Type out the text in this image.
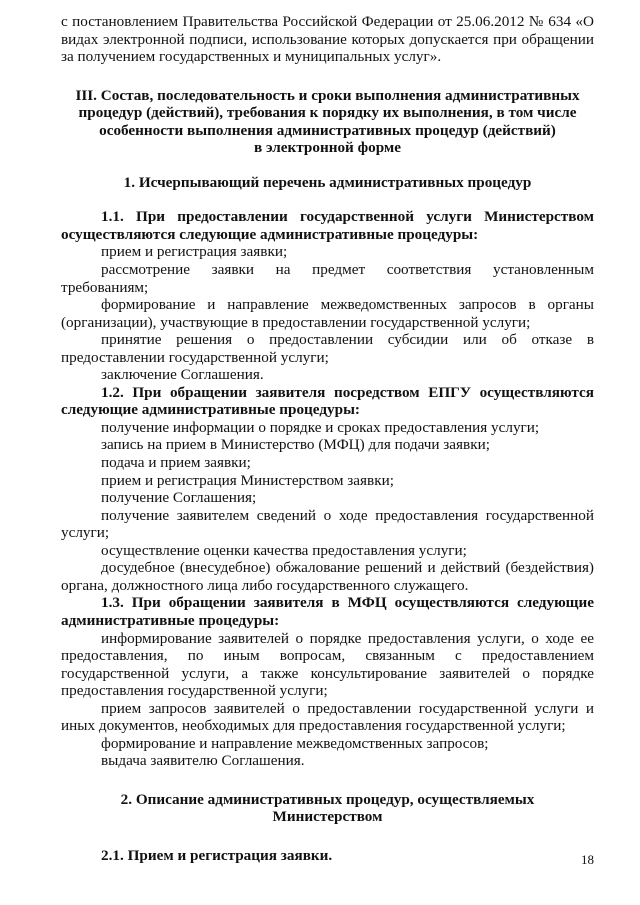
с постановлением Правительства Российской Федерации от 25.06.2012 № 634 «О видах электронной подписи, использование которых допускается при обращении за получением государственных и муниципальных услуг».

III. Состав, последовательность и сроки выполнения административных

процедур (действий), требования к порядку их выполнения, в том числе

особенности выполнения административных процедур (действий)

в электронной форме

1. Исчерпывающий перечень административных процедур

1.1. При предоставлении государственной услуги Министерством осуществляются следующие административные процедуры:

прием и регистрация заявки;

рассмотрение заявки на предмет соответствия установленным требованиям;

формирование и направление межведомственных запросов в органы (организации), участвующие в предоставлении государственной услуги;

принятие решения о предоставлении субсидии или об отказе в предоставлении государственной услуги;

заключение Соглашения.

1.2. При обращении заявителя посредством ЕПГУ осуществляются следующие административные процедуры:

получение информации о порядке и сроках предоставления услуги;

запись на прием в Министерство (МФЦ) для подачи заявки;

подача и прием заявки;

прием и регистрация Министерством заявки;

получение Соглашения;

получение заявителем сведений о ходе предоставления государственной услуги;

осуществление оценки качества предоставления услуги;

досудебное (внесудебное) обжалование решений и действий (бездействия) органа, должностного лица либо государственного служащего.

1.3. При обращении заявителя в МФЦ осуществляются следующие административные процедуры:

информирование заявителей о порядке предоставления услуги, о ходе ее предоставления, по иным вопросам, связанным с предоставлением государственной услуги, а также консультирование заявителей о порядке предоставления государственной услуги;

прием запросов заявителей о предоставлении государственной услуги и иных документов, необходимых для предоставления государственной услуги;

формирование и направление межведомственных запросов;

выдача заявителю Соглашения.

2. Описание административных процедур, осуществляемых

Министерством

2.1. Прием и регистрация заявки.	18
